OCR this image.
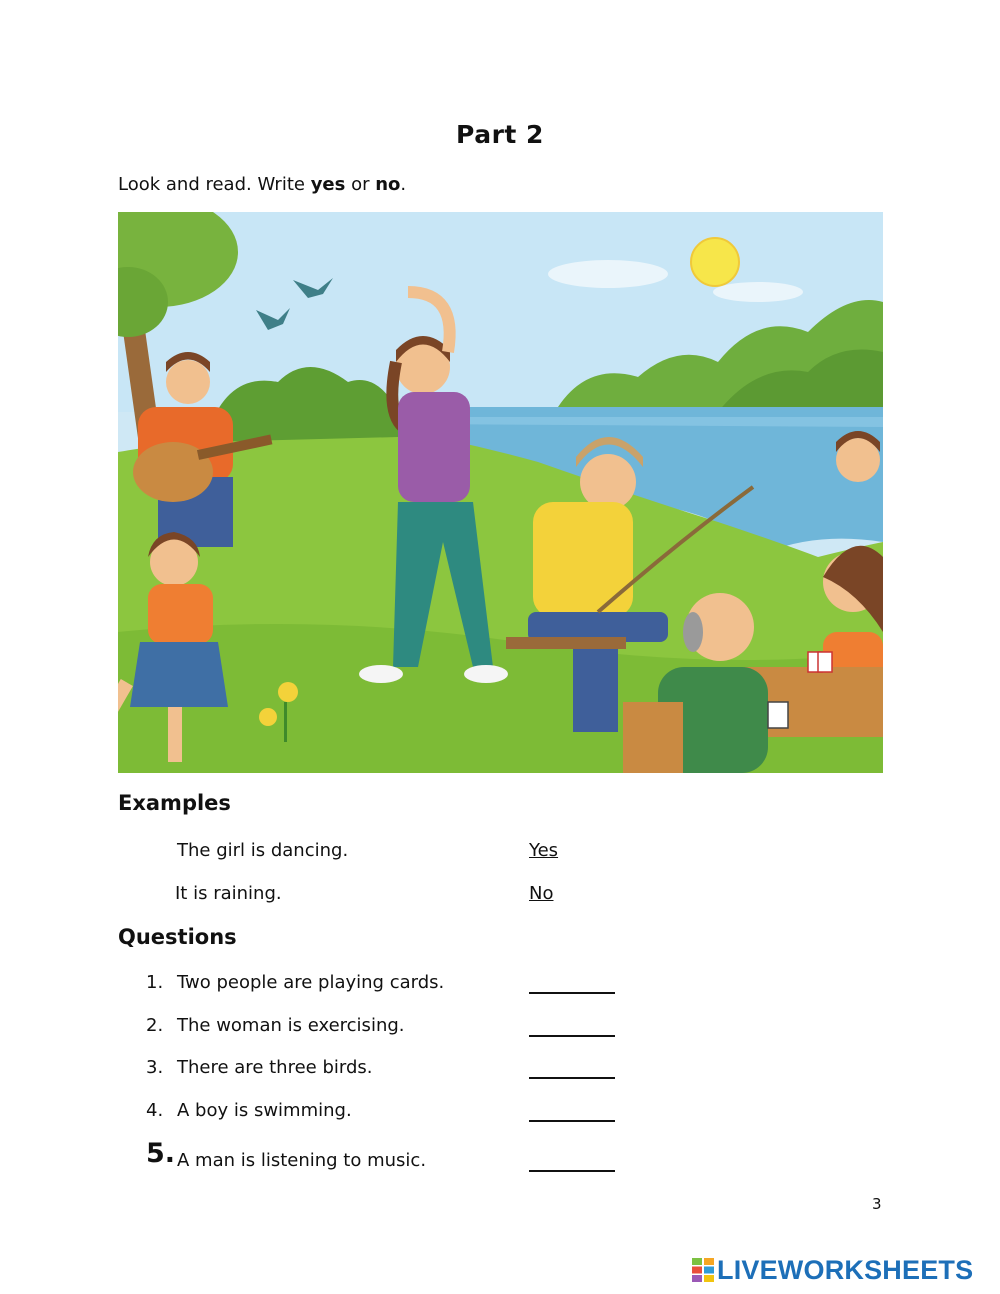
Part 2
Look and read. Write yes or no.
Examples
The girl is dancing.	Yes
It is raining.	No
Questions
1. Two people are playing cards.
2. The woman is exercising.
3. There are three birds.
4. A boy is swimming.
5. A man is listening to music.
3
LIVEWORKSHEETS
